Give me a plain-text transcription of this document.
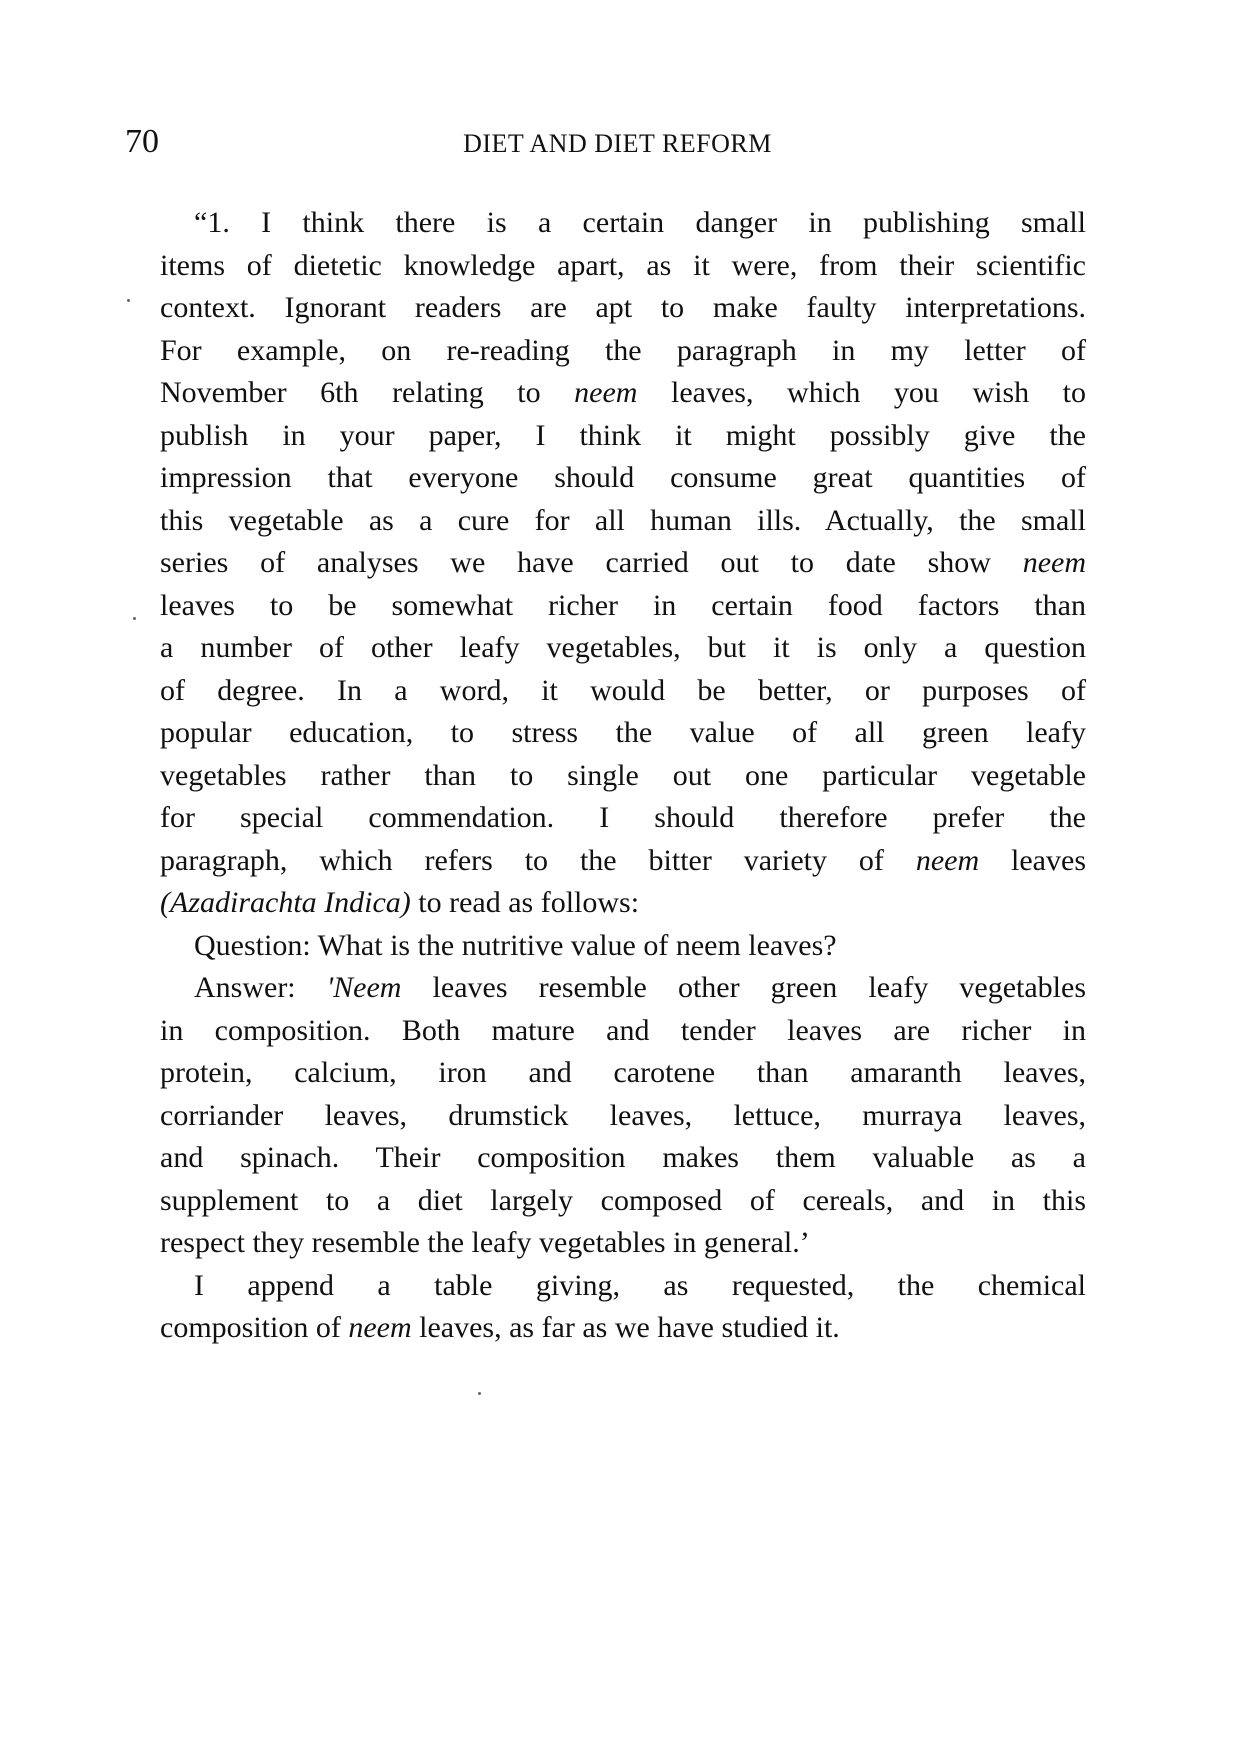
70	DIET AND DIET REFORM
“1. I think there is a certain danger in publishing small
items of dietetic knowledge apart, as it were, from their scientific
context. Ignorant readers are apt to make faulty interpretations.
For example, on re-reading the paragraph in my letter of
November 6th relating to neem leaves, which you wish to
publish in your paper, I think it might possibly give the
impression that everyone should consume great quantities of
this vegetable as a cure for all human ills. Actually, the small
series of analyses we have carried out to date show neem
leaves to be somewhat richer in certain food factors than
a number of other leafy vegetables, but it is only a question
of degree. In a word, it would be better, or purposes of
popular education, to stress the value of all green leafy
vegetables rather than to single out one particular vegetable
for special commendation. I should therefore prefer the
paragraph, which refers to the bitter variety of neem leaves
(Azadirachta Indica) to read as follows:
Question: What is the nutritive value of neem leaves?
Answer: 'Neem leaves resemble other green leafy vegetables
in composition. Both mature and tender leaves are richer in
protein, calcium, iron and carotene than amaranth leaves,
corriander leaves, drumstick leaves, lettuce, murraya leaves,
and spinach. Their composition makes them valuable as a
supplement to a diet largely composed of cereals, and in this
respect they resemble the leafy vegetables in general.’
I append a table giving, as requested, the chemical
composition of neem leaves, as far as we have studied it.
